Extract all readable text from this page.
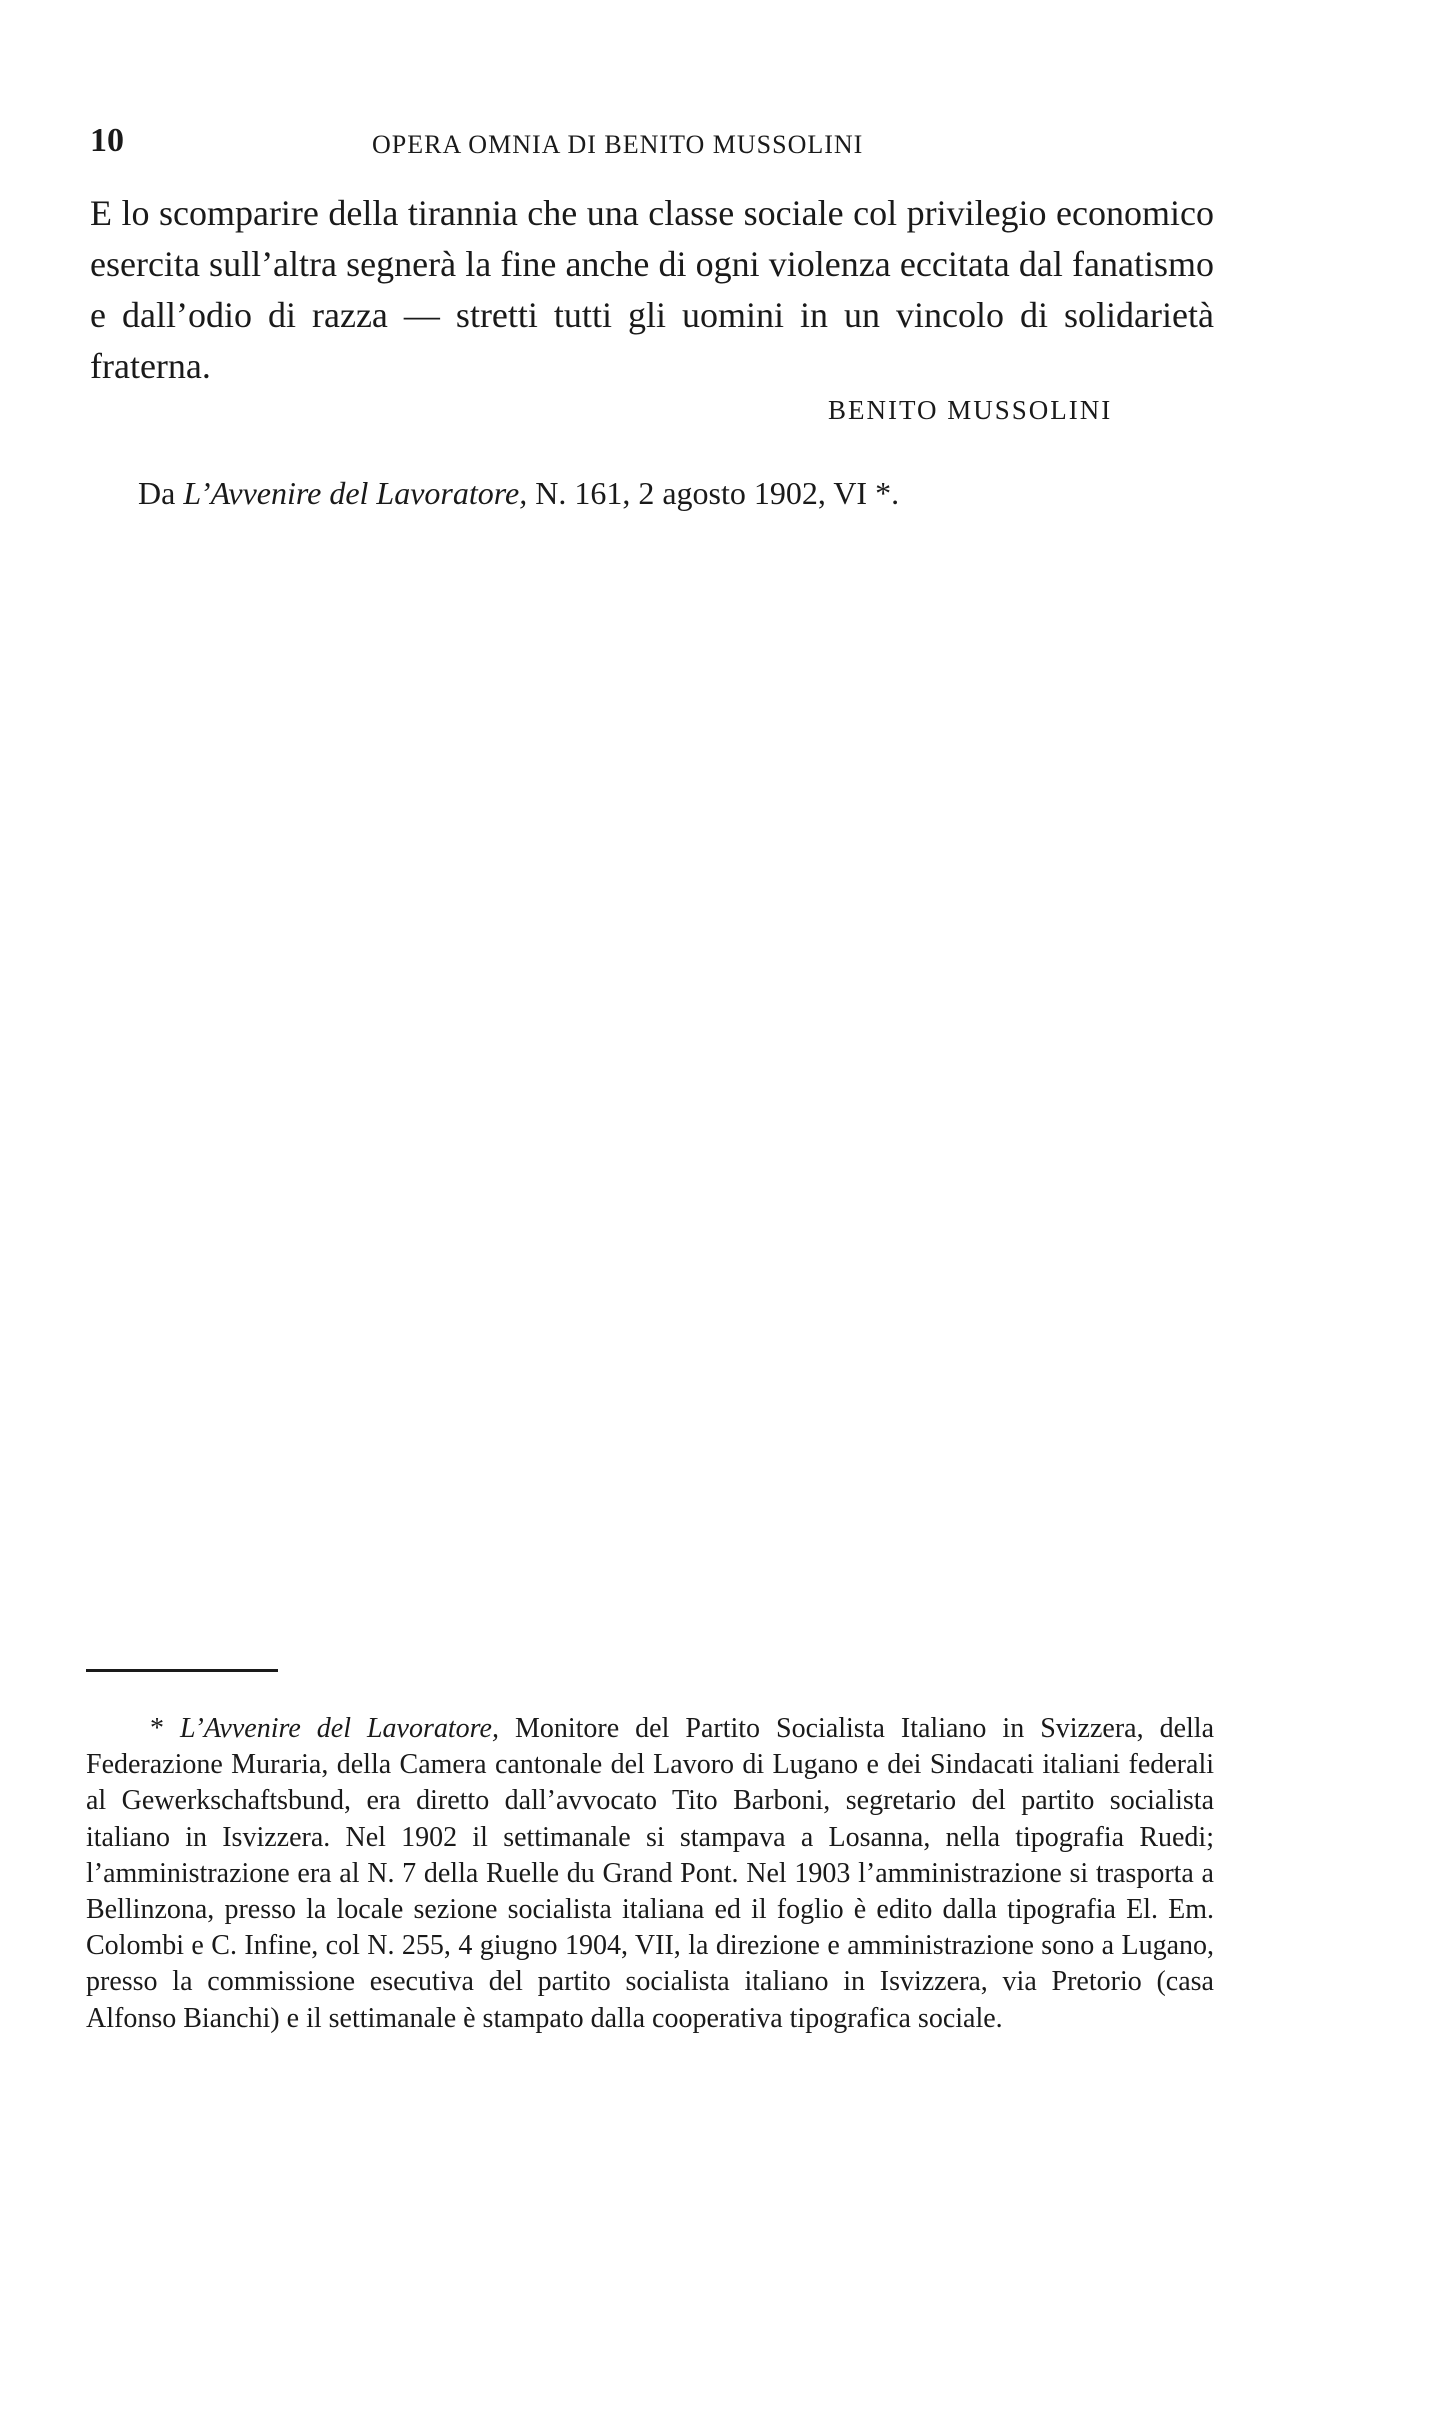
10	OPERA OMNIA DI BENITO MUSSOLINI

E lo scomparire della tirannia che una classe sociale col privilegio economico esercita sull’altra segnerà la fine anche di ogni violenza eccitata dal fanatismo e dall’odio di razza — stretti tutti gli uomini in un vincolo di solidarietà fraterna.

BENITO MUSSOLINI
Da L’Avvenire del Lavoratore, N. 161, 2 agosto 1902, VI *.

* L’Avvenire del Lavoratore, Monitore del Partito Socialista Italiano in Svizzera, della Federazione Muraria, della Camera cantonale del Lavoro di Lugano e dei Sindacati italiani federali al Gewerkschaftsbund, era diretto dall’avvocato Tito Barboni, segretario del partito socialista italiano in Isvizzera. Nel 1902 il settimanale si stampava a Losanna, nella tipografia Ruedi; l’amministrazione era al N. 7 della Ruelle du Grand Pont. Nel 1903 l’amministrazione si trasporta a Bellinzona, presso la locale sezione socialista italiana ed il foglio è edito dalla tipografia El. Em. Colombi e C. Infine, col N. 255, 4 giugno 1904, VII, la direzione e amministrazione sono a Lugano, presso la commissione esecutiva del partito socialista italiano in Isvizzera, via Pretorio (casa Alfonso Bianchi) e il settimanale è stampato dalla cooperativa tipografica sociale.
